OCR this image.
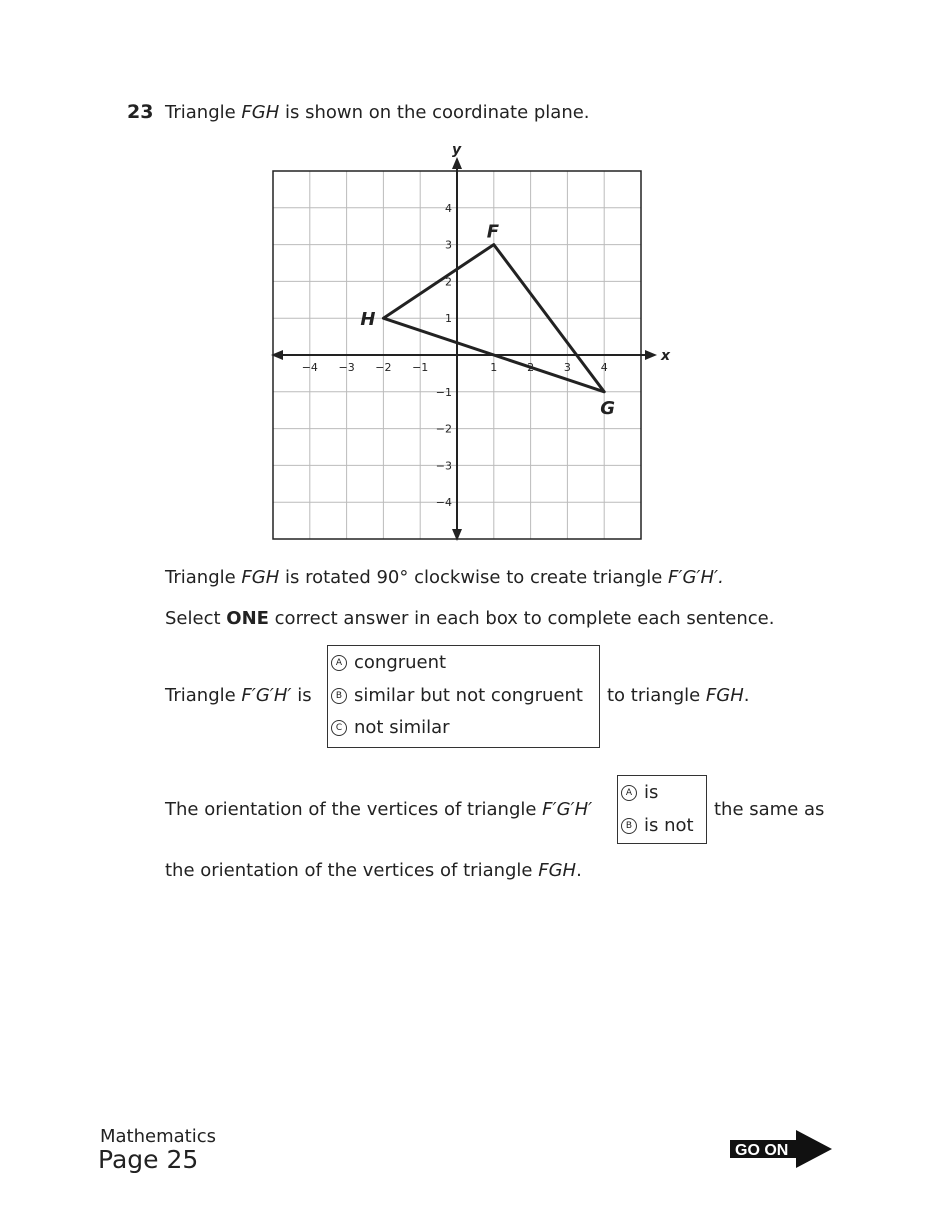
23 Triangle FGH is shown on the coordinate plane.
x
y
−4 −3 −2 −1	1	2	3	4
4
3
2
1
−1
−2
−3
−4
F
G
H
Triangle FGH is rotated 90° clockwise to create triangle F′G′H′.
Select ONE correct answer in each box to complete each sentence.
Triangle F′G′H′ is
A congruent
B similar but not congruent
C not similar
to triangle FGH.
The orientation of the vertices of triangle F′G′H′
A is
B is not
the same as
the orientation of the vertices of triangle FGH.
Mathematics
Page 25	GO ON
